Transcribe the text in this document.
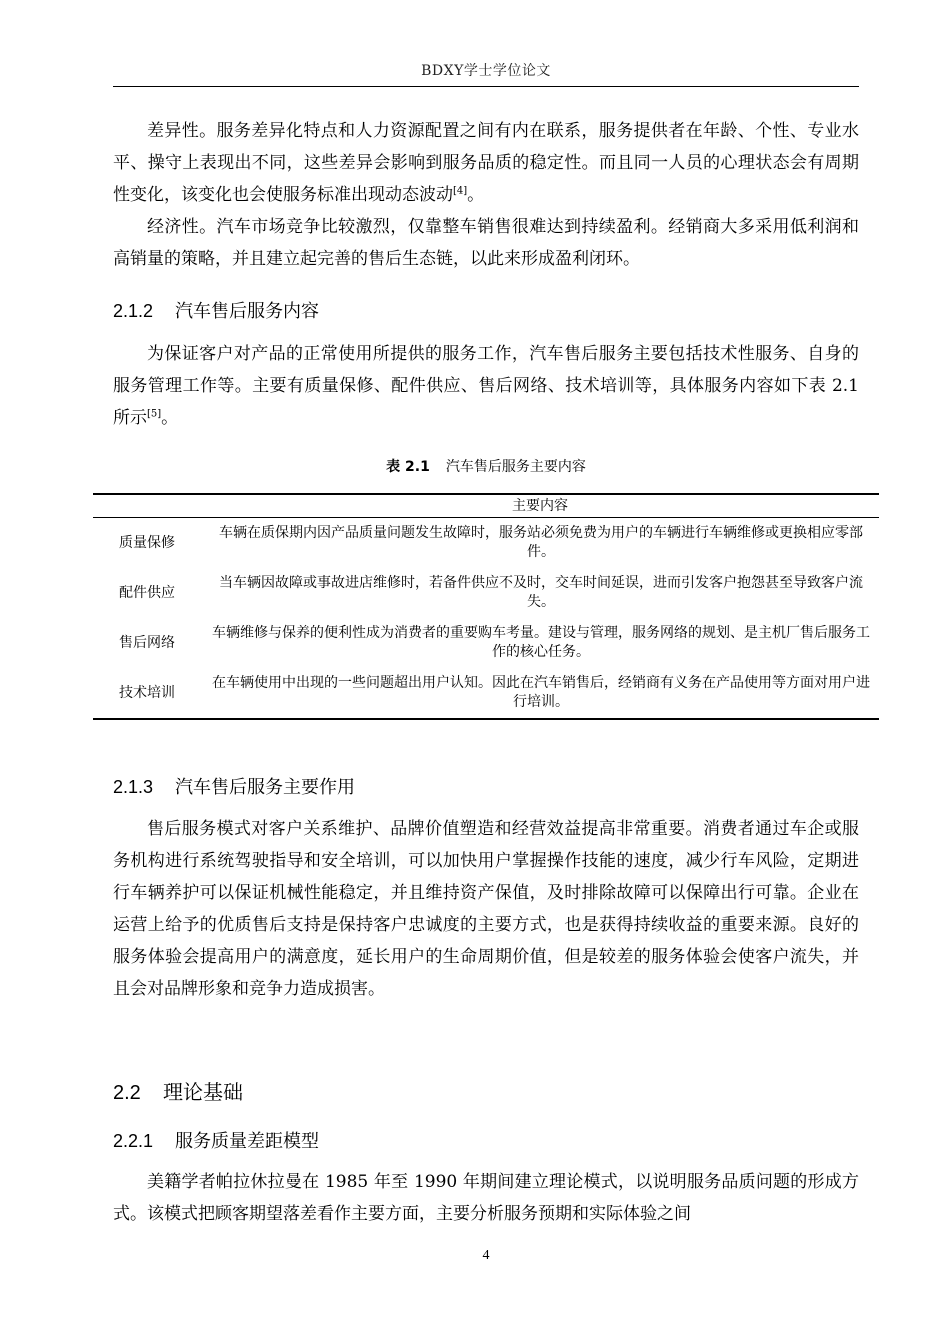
BDXY学士学位论文

差异性。服务差异化特点和人力资源配置之间有内在联系，服务提供者在年龄、个性、专业水平、操守上表现出不同，这些差异会影响到服务品质的稳定性。而且同一人员的心理状态会有周期性变化，该变化也会使服务标准出现动态波动[4]。

经济性。汽车市场竞争比较激烈，仅靠整车销售很难达到持续盈利。经销商大多采用低利润和高销量的策略，并且建立起完善的售后生态链，以此来形成盈利闭环。

2.1.2 汽车售后服务内容

为保证客户对产品的正常使用所提供的服务工作，汽车售后服务主要包括技术性服务、自身的服务管理工作等。主要有质量保修、配件供应、售后网络、技术培训等，具体服务内容如下表 2.1 所示[5]。

表 2.1 汽车售后服务主要内容
	主要内容
质量保修	车辆在质保期内因产品质量问题发生故障时，服务站必须免费为用户的车辆进行车辆维修或更换相应零部件。
配件供应	当车辆因故障或事故进店维修时，若备件供应不及时，交车时间延误，进而引发客户抱怨甚至导致客户流失。
售后网络	车辆维修与保养的便利性成为消费者的重要购车考量。建设与管理，服务网络的规划、是主机厂售后服务工作的核心任务。
技术培训	在车辆使用中出现的一些问题超出用户认知。因此在汽车销售后，经销商有义务在产品使用等方面对用户进行培训。
2.1.3 汽车售后服务主要作用

售后服务模式对客户关系维护、品牌价值塑造和经营效益提高非常重要。消费者通过车企或服务机构进行系统驾驶指导和安全培训，可以加快用户掌握操作技能的速度，减少行车风险，定期进行车辆养护可以保证机械性能稳定，并且维持资产保值，及时排除故障可以保障出行可靠。企业在运营上给予的优质售后支持是保持客户忠诚度的主要方式，也是获得持续收益的重要来源。良好的服务体验会提高用户的满意度，延长用户的生命周期价值，但是较差的服务体验会使客户流失，并且会对品牌形象和竞争力造成损害。

2.2 理论基础
2.2.1 服务质量差距模型

美籍学者帕拉休拉曼在 1985 年至 1990 年期间建立理论模式，以说明服务品质问题的形成方式。该模式把顾客期望落差看作主要方面，主要分析服务预期和实际体验之间

4
